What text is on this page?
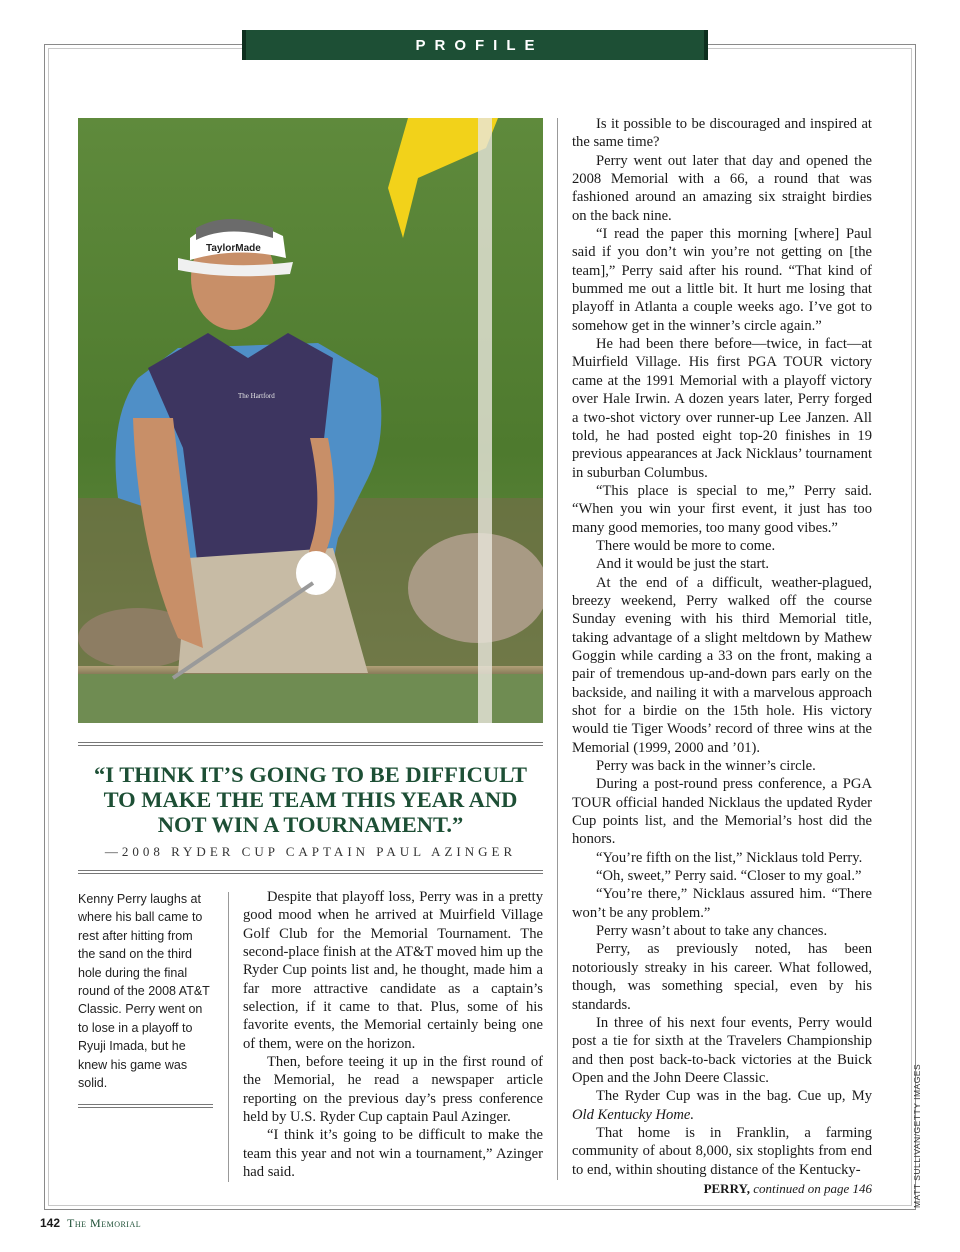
PROFILE
TaylorMade
The Hartford
“I THINK IT’S GOING TO BE DIFFICULT
TO MAKE THE TEAM THIS YEAR AND
NOT WIN A TOURNAMENT.”
—2008 RYDER CUP CAPTAIN PAUL AZINGER
Kenny Perry laughs at where his ball came to rest after hitting from the sand on the third hole during the final round of the 2008 AT&T Classic. Perry went on to lose in a playoff to Ryuji Imada, but he knew his game was solid.

Despite that playoff loss, Perry was in a pretty good mood when he arrived at Muirfield Village Golf Club for the Memorial Tournament. The second-place finish at the AT&T moved him up the Ryder Cup points list and, he thought, made him a far more attractive candidate as a captain’s selection, if it came to that. Plus, some of his favorite events, the Memorial certainly being one of them, were on the horizon.

Then, before teeing it up in the first round of the Memorial, he read a newspaper article reporting on the previous day’s press conference held by U.S. Ryder Cup captain Paul Azinger.

“I think it’s going to be difficult to make the team this year and not win a tournament,” Azinger had said.

Is it possible to be discouraged and inspired at the same time?

Perry went out later that day and opened the 2008 Memorial with a 66, a round that was fashioned around an amazing six straight birdies on the back nine.

“I read the paper this morning [where] Paul said if you don’t win you’re not getting on [the team],” Perry said after his round. “That kind of bummed me out a little bit. It hurt me losing that playoff in Atlanta a couple weeks ago. I’ve got to somehow get in the winner’s circle again.”

He had been there before—twice, in fact—at Muirfield Village. His first PGA TOUR victory came at the 1991 Memorial with a playoff victory over Hale Irwin. A dozen years later, Perry forged a two-shot victory over runner-up Lee Janzen. All told, he had posted eight top-20 finishes in 19 previous appearances at Jack Nicklaus’ tournament in suburban Columbus.

“This place is special to me,” Perry said. “When you win your first event, it just has too many good memories, too many good vibes.”

There would be more to come.

And it would be just the start.

At the end of a difficult, weather-plagued, breezy weekend, Perry walked off the course Sunday evening with his third Memorial title, taking advantage of a slight meltdown by Mathew Goggin while carding a 33 on the front, making a pair of tremendous up-and-down pars early on the backside, and nailing it with a marvelous approach shot for a birdie on the 15th hole. His victory would tie Tiger Woods’ record of three wins at the Memorial (1999, 2000 and ’01).

Perry was back in the winner’s circle.

During a post-round press conference, a PGA TOUR official handed Nicklaus the updated Ryder Cup points list, and the Memorial’s host did the honors.

“You’re fifth on the list,” Nicklaus told Perry.

“Oh, sweet,” Perry said. “Closer to my goal.”

“You’re there,” Nicklaus assured him. “There won’t be any problem.”

Perry wasn’t about to take any chances.

Perry, as previously noted, has been notoriously streaky in his career. What followed, though, was something special, even by his standards.

In three of his next four events, Perry would post a tie for sixth at the Travelers Championship and then post back-to-back victories at the Buick Open and the John Deere Classic.

The Ryder Cup was in the bag. Cue up, My Old Kentucky Home.

That home is in Franklin, a farming community of about 8,000, six stoplights from end to end, within shouting distance of the Kentucky-

PERRY, continued on page 146	MATT SULLIVAN/GETTY IMAGES
142 The Memorial
